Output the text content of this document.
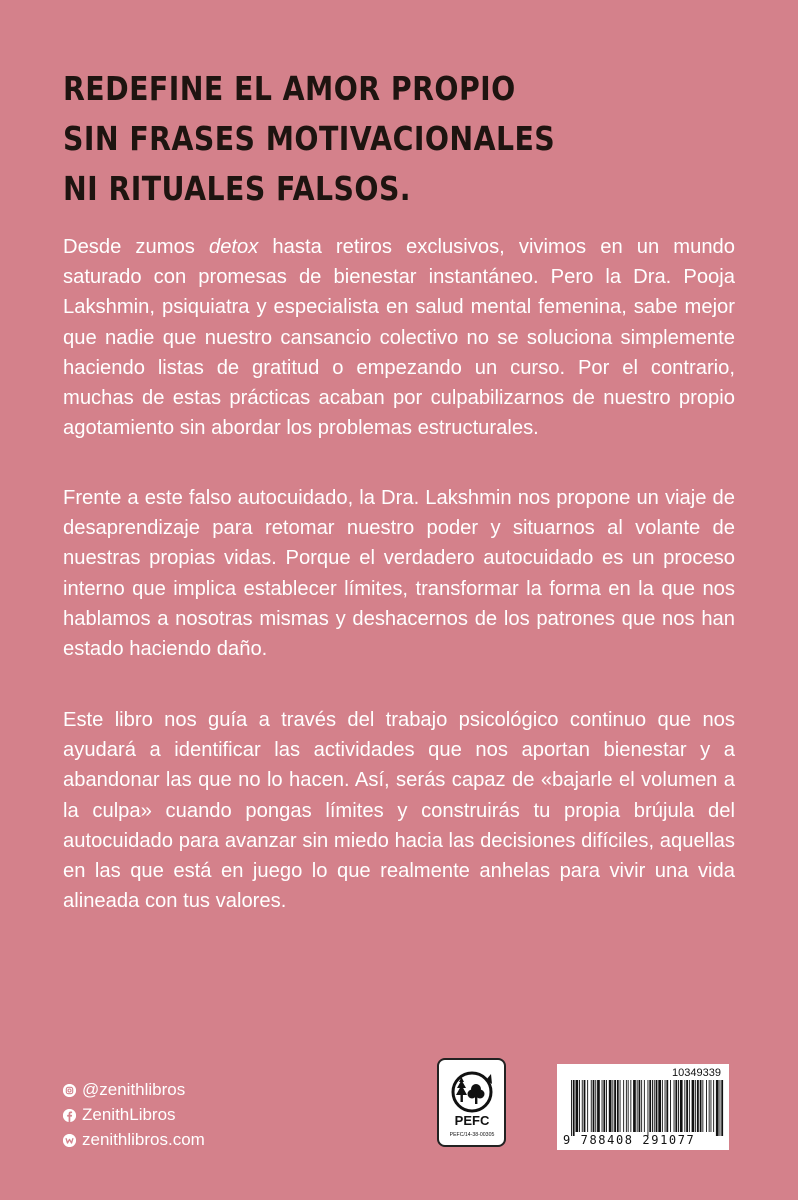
REDEFINE EL AMOR PROPIO
SIN FRASES MOTIVACIONALES
NI RITUALES FALSOS.

Desde zumos detox hasta retiros exclusivos, vivimos en un mundo saturado con promesas de bienestar instantáneo. Pero la Dra. Pooja Lakshmin, psiquiatra y especialista en salud mental femenina, sabe mejor que nadie que nuestro cansancio colectivo no se soluciona simplemente haciendo listas de gratitud o empezando un curso. Por el contrario, muchas de estas prácticas acaban por culpabilizarnos de nuestro propio agotamiento sin abordar los problemas estructurales.

Frente a este falso autocuidado, la Dra. Lakshmin nos propone un viaje de desaprendizaje para retomar nuestro poder y situarnos al volante de nuestras propias vidas. Porque el verdadero autocuidado es un proceso interno que implica establecer límites, transformar la forma en la que nos hablamos a nosotras mismas y deshacernos de los patrones que nos han estado haciendo daño.

Este libro nos guía a través del trabajo psicológico continuo que nos ayudará a identificar las actividades que nos aportan bienestar y a abandonar las que no lo hacen. Así, serás capaz de «bajarle el volumen a la culpa» cuando pongas límites y construirás tu propia brújula del autocuidado para avanzar sin miedo hacia las decisiones difíciles, aquellas en las que está en juego lo que realmente anhelas para vivir una vida alineada con tus valores.

@zenithlibros
ZenithLibros
zenithlibros.com
PEFC
PEFC/14-38-00305
10349339
9 788408 291077
